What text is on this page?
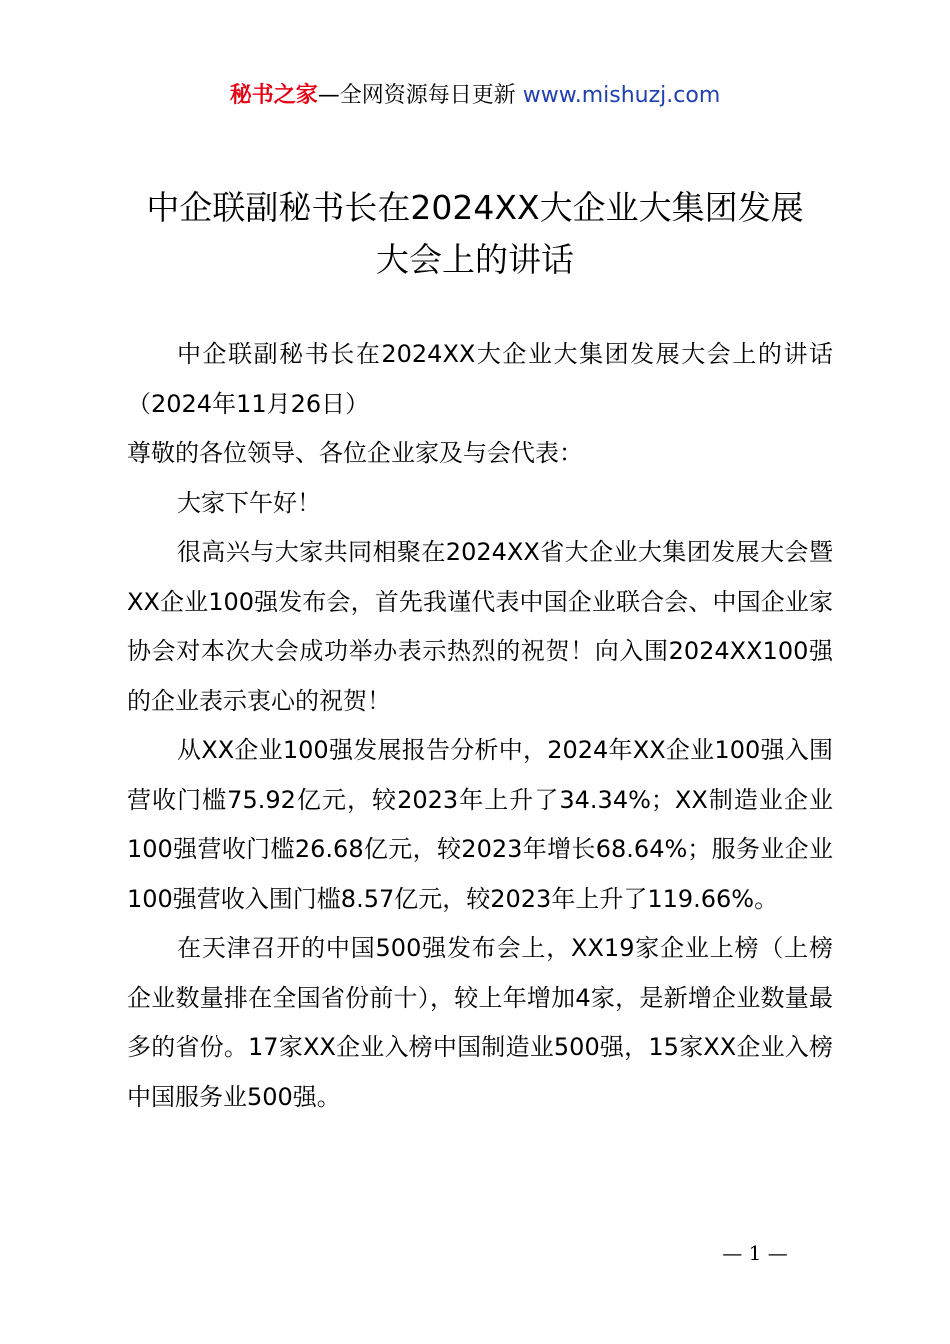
秘书之家—全网资源每日更新 www.mishuzj.com
中企联副秘书长在2024XX大企业大集团发展
大会上的讲话

中企联副秘书长在2024XX大企业大集团发展大会上的讲话（2024年11月26日）

尊敬的各位领导、各位企业家及与会代表：

大家下午好！

很高兴与大家共同相聚在2024XX省大企业大集团发展大会暨XX企业100强发布会，首先我谨代表中国企业联合会、中国企业家协会对本次大会成功举办表示热烈的祝贺！向入围2024XX100强的企业表示衷心的祝贺！

从XX企业100强发展报告分析中，2024年XX企业100强入围营收门槛75.92亿元，较2023年上升了34.34%；XX制造业企业100强营收门槛26.68亿元，较2023年增长68.64%；服务业企业100强营收入围门槛8.57亿元，较2023年上升了119.66%。

在天津召开的中国500强发布会上，XX19家企业上榜（上榜企业数量排在全国省份前十），较上年增加4家，是新增企业数量最多的省份。17家XX企业入榜中国制造业500强，15家XX企业入榜中国服务业500强。

— 1 —
